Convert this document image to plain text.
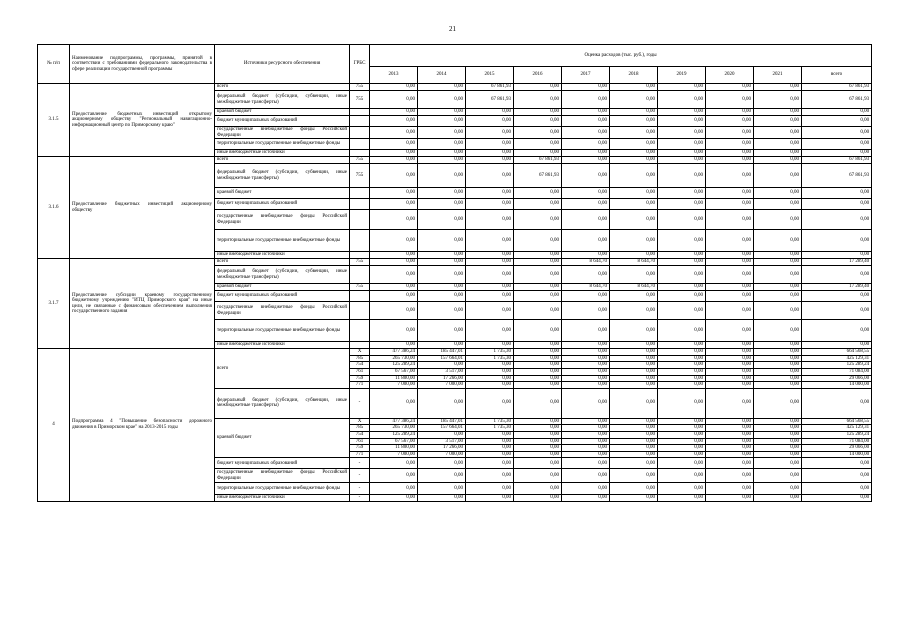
21
№ п/п	Наименование подпрограммы, программы, принятой в соответствии с требованиями федерального законодательства в сфере реализации государственной программы	Источники ресурсного обеспечения	ГРБС	Оценка расходов (тыс. руб.), годы									
				2013	2014	2015	2016	2017	2018	2019	2020	2021	всего
3.1.5	Предоставление бюджетных инвестиций открытому акционерному обществу "Региональный навигационно-информационный центр по Приморскому краю"	всего	755	0,00	0,00	67 861,93	0,00	0,00	0,00	0,00	0,00	0,00	67 861,93
		федеральный бюджет (субсидии, субвенции, иные межбюджетные трансферты)	755	0,00	0,00	67 861,93	0,00	0,00	0,00	0,00	0,00	0,00	67 861,93
		краевой бюджет		0,00	0,00	0,00	0,00	0,00	0,00	0,00	0,00	0,00	0,00
		бюджет муниципальных образований		0,00	0,00	0,00	0,00	0,00	0,00	0,00	0,00	0,00	0,00
		государственные внебюджетные фонды Российской Федерации		0,00	0,00	0,00	0,00	0,00	0,00	0,00	0,00	0,00	0,00
		территориальные государственные внебюджетные фонды		0,00	0,00	0,00	0,00	0,00	0,00	0,00	0,00	0,00	0,00
		иные внебюджетные источники		0,00	0,00	0,00	0,00	0,00	0,00	0,00	0,00	0,00	0,00
3.1.6	Предоставление бюджетных инвестиций акционерному обществу	всего	755	0,00	0,00	0,00	67 861,93	0,00	0,00	0,00	0,00	0,00	67 861,93
		федеральный бюджет (субсидии, субвенции, иные межбюджетные трансферты)	755	0,00	0,00	0,00	67 861,93	0,00	0,00	0,00	0,00	0,00	67 861,93
		краевой бюджет		0,00	0,00	0,00	0,00	0,00	0,00	0,00	0,00	0,00	0,00
		бюджет муниципальных образований		0,00	0,00	0,00	0,00	0,00	0,00	0,00	0,00	0,00	0,00
		государственные внебюджетные фонды Российской Федерации		0,00	0,00	0,00	0,00	0,00	0,00	0,00	0,00	0,00	0,00
		территориальные государственные внебюджетные фонды		0,00	0,00	0,00	0,00	0,00	0,00	0,00	0,00	0,00	0,00
		иные внебюджетные источники		0,00	0,00	0,00	0,00	0,00	0,00	0,00	0,00	0,00	0,00
3.1.7	Предоставление субсидии краевому государственному бюджетному учреждению "ИТЦ Приморского края" на иные цели, не связанные с финансовым обеспечением выполнения государственного задания	всего	755	0,00	0,00	0,00	0,00	8 644,70	8 644,70	0,00	0,00	0,00	17 289,40
		федеральный бюджет (субсидии, субвенции, иные межбюджетные трансферты)		0,00	0,00	0,00	0,00	0,00	0,00	0,00	0,00	0,00	0,00
		краевой бюджет	755	0,00	0,00	0,00	0,00	8 644,70	8 644,70	0,00	0,00	0,00	17 289,40
		бюджет муниципальных образований		0,00	0,00	0,00	0,00	0,00	0,00	0,00	0,00	0,00	0,00
		государственные внебюджетные фонды Российской Федерации		0,00	0,00	0,00	0,00	0,00	0,00	0,00	0,00	0,00	0,00
		территориальные государственные внебюджетные фонды		0,00	0,00	0,00	0,00	0,00	0,00	0,00	0,00	0,00	0,00
		иные внебюджетные источники		0,00	0,00	0,00	0,00	0,00	0,00	0,00	0,00	0,00	0,00
4	Подпрограмма 4 "Повышение безопасности дорожного движения в Приморском крае" на 2013-2015 годы	всего	X	477 386,24	185 447,01	1 735,30	0,00	0,00	0,00	0,00	0,00	0,00	664 568,55
			785	265 730,00	157 664,01	1 735,30	0,00	0,00	0,00	0,00	0,00	0,00	425 129,31
			754	125 289,24	0,00	0,00	0,00	0,00	0,00	0,00	0,00	0,00	125 289,24
			761	67 567,00	3 517,00	0,00	0,00	0,00	0,00	0,00	0,00	0,00	71 084,00
			759	11 800,00	17 266,00	0,00	0,00	0,00	0,00	0,00	0,00	0,00	29 066,00
			771	7 000,00	7 000,00	0,00	0,00	0,00	0,00	0,00	0,00	0,00	14 000,00
		федеральный бюджет (субсидии, субвенции, иные межбюджетные трансферты)	-	0,00	0,00	0,00	0,00	0,00	0,00	0,00	0,00	0,00	0,00
		краевой бюджет	X	477 386,24	185 447,01	1 735,30	0,00	0,00	0,00	0,00	0,00	0,00	664 568,55
			785	265 730,00	157 664,01	1 735,30	0,00	0,00	0,00	0,00	0,00	0,00	425 129,31
			754	125 289,24	0,00	0,00	0,00	0,00	0,00	0,00	0,00	0,00	125 289,24
			761	67 567,00	3 517,00	0,00	0,00	0,00	0,00	0,00	0,00	0,00	71 084,00
			759	11 800,00	17 266,00	0,00	0,00	0,00	0,00	0,00	0,00	0,00	29 066,00
			771	7 000,00	7 000,00	0,00	0,00	0,00	0,00	0,00	0,00	0,00	14 000,00
		бюджет муниципальных образований	-	0,00	0,00	0,00	0,00	0,00	0,00	0,00	0,00	0,00	0,00
		государственные внебюджетные фонды Российской Федерации	-	0,00	0,00	0,00	0,00	0,00	0,00	0,00	0,00	0,00	0,00
		территориальные государственные внебюджетные фонды	-	0,00	0,00	0,00	0,00	0,00	0,00	0,00	0,00	0,00	0,00
		иные внебюджетные источники	-	0,00	0,00	0,00	0,00	0,00	0,00	0,00	0,00	0,00	0,00
